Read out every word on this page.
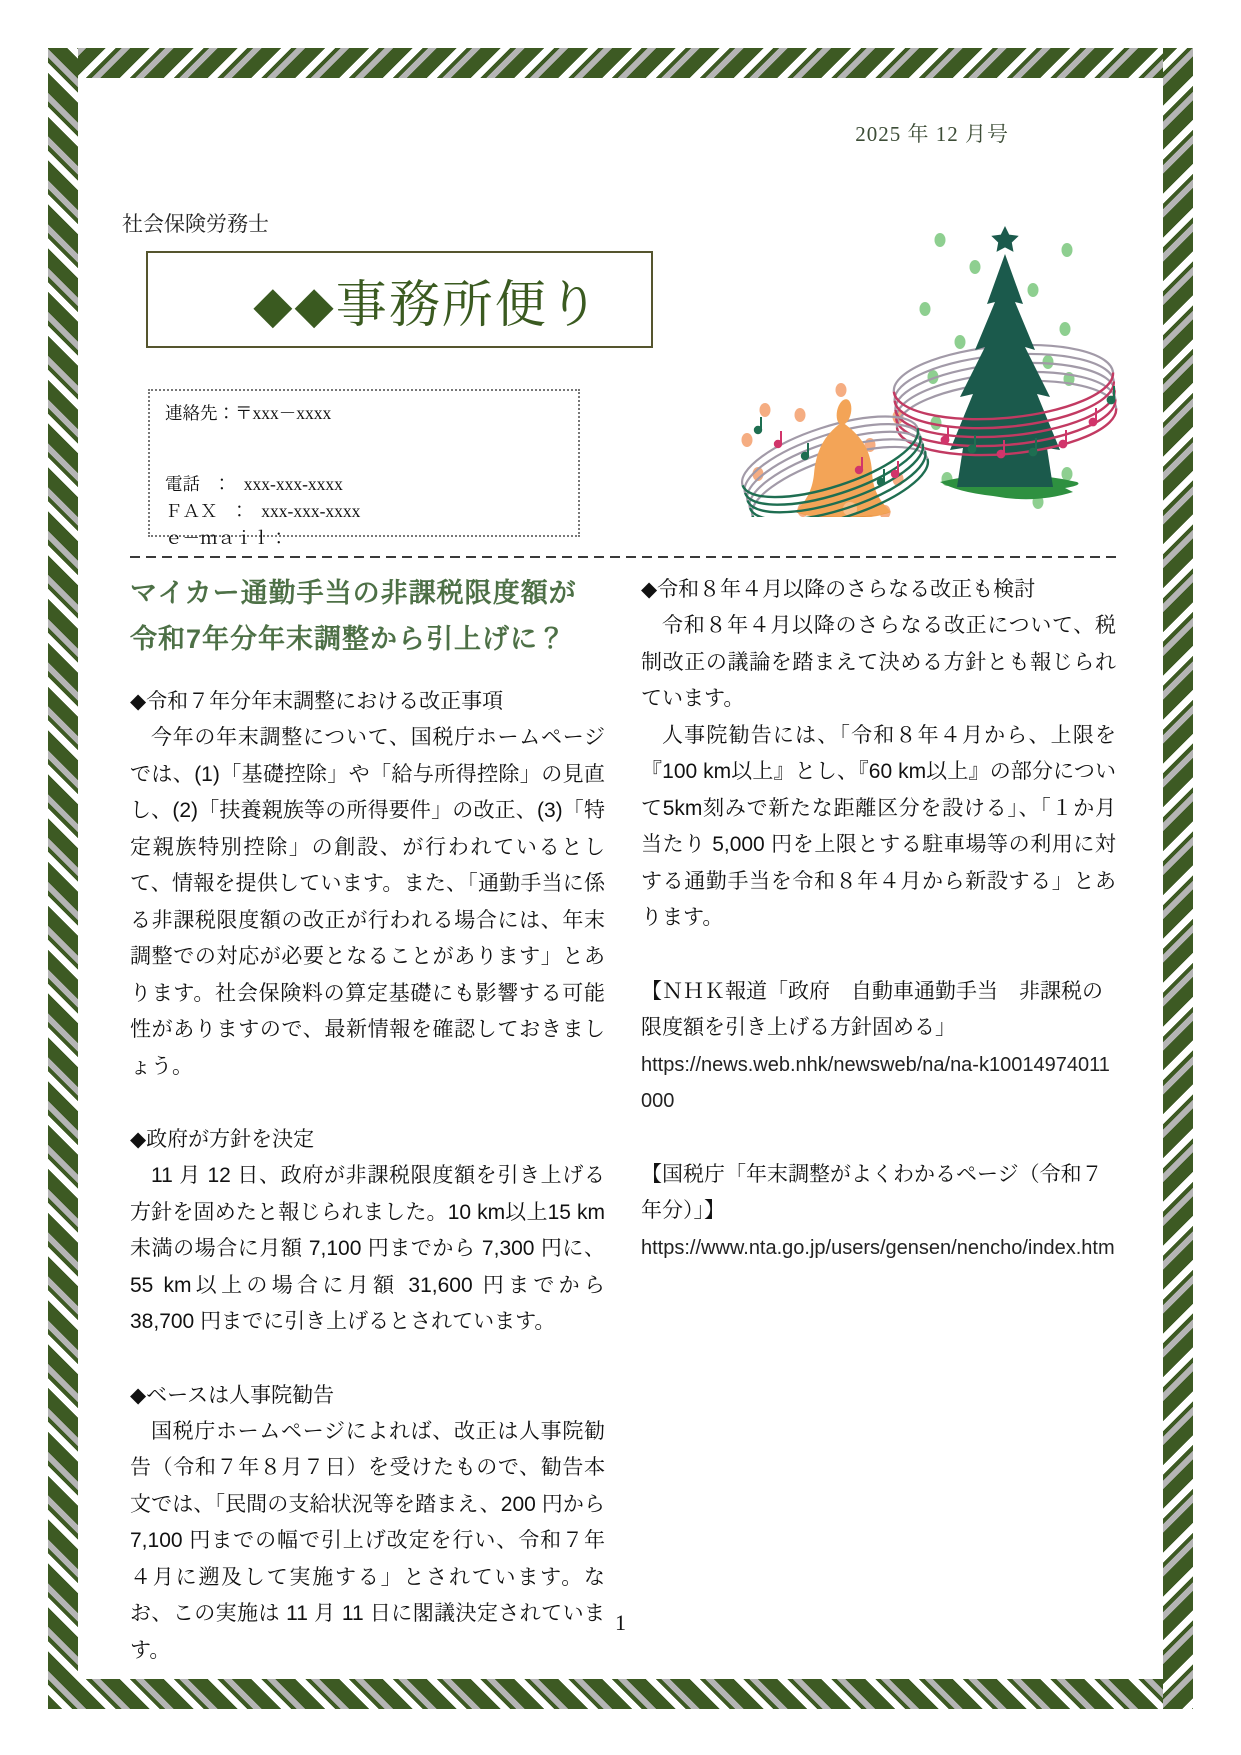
2025 年 12 月号
社会保険労務士
◆◆事務所便り
連絡先：〒xxx－xxxx
電話　：　xxx-xxx-xxxx
ＦＡＸ　：　xxx-xxx-xxxx
ｅ－ｍａｉｌ：
マイカー通勤手当の非課税限度額が
令和7年分年末調整から引上げに？
◆令和７年分年末調整における改正事項
今年の年末調整について、国税庁ホームページでは、(1)「基礎控除」や「給与所得控除」の見直し、(2)「扶養親族等の所得要件」の改正、(3)「特定親族特別控除」の創設、が行われているとして、情報を提供しています。また、「通勤手当に係る非課税限度額の改正が行われる場合には、年末調整での対応が必要となることがあります」とあります。社会保険料の算定基礎にも影響する可能性がありますので、最新情報を確認しておきましょう。
◆政府が方針を決定
11 月 12 日、政府が非課税限度額を引き上げる方針を固めたと報じられました。10 km以上15 km未満の場合に月額 7,100 円までから 7,300 円に、55 km以上の場合に月額 31,600 円までから 38,700 円までに引き上げるとされています。
◆ベースは人事院勧告
国税庁ホームページによれば、改正は人事院勧告（令和７年８月７日）を受けたもので、勧告本文では、「民間の支給状況等を踏まえ、200 円から 7,100 円までの幅で引上げ改定を行い、令和７年４月に遡及して実施する」とされています。なお、この実施は 11 月 11 日に閣議決定されています。
◆令和８年４月以降のさらなる改正も検討
令和８年４月以降のさらなる改正について、税制改正の議論を踏まえて決める方針とも報じられています。
人事院勧告には、「令和８年４月から、上限を『100 km以上』とし、『60 km以上』の部分について5km刻みで新たな距離区分を設ける」、「１か月当たり 5,000 円を上限とする駐車場等の利用に対する通勤手当を令和８年４月から新設する」とあります。
【ＮＨＫ報道「政府　自動車通勤手当　非課税の限度額を引き上げる方針固める」
https://news.web.nhk/newsweb/na/na-k10014974011000
【国税庁「年末調整がよくわかるページ（令和７年分）」】
https://www.nta.go.jp/users/gensen/nencho/index.htm
1
